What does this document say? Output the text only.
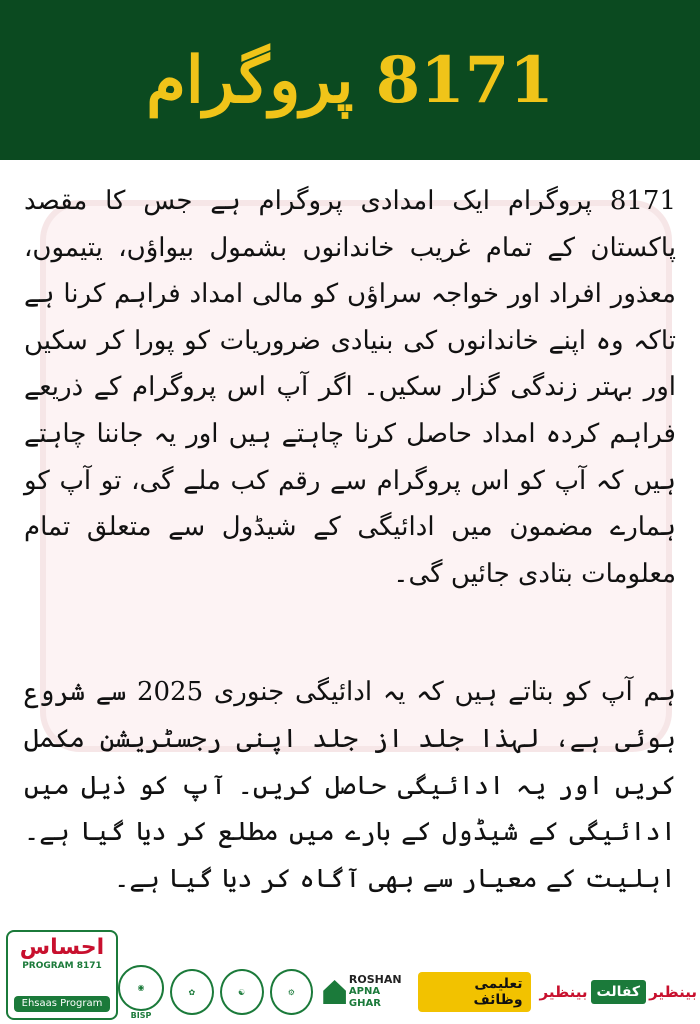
8171 پروگرام

8171 پروگرام ایک امدادی پروگرام ہے جس کا مقصد پاکستان کے تمام غریب خاندانوں بشمول بیواؤں، یتیموں، معذور افراد اور خواجہ سراؤں کو مالی امداد فراہم کرنا ہے تاکہ وہ اپنے خاندانوں کی بنیادی ضروریات کو پورا کر سکیں اور بہتر زندگی گزار سکیں۔ اگر آپ اس پروگرام کے ذریعے فراہم کردہ امداد حاصل کرنا چاہتے ہیں اور یہ جاننا چاہتے ہیں کہ آپ کو اس پروگرام سے رقم کب ملے گی، تو آپ کو ہمارے مضمون میں ادائیگی کے شیڈول سے متعلق تمام معلومات بتادی جائیں گی۔

ہم آپ کو بتاتے ہیں کہ یہ ادائیگی جنوری 2025 سے شروع ہوئی ہے، لہذا جلد از جلد اپنی رجسٹریشن مکمل کریں اور یہ ادائیگی حاصل کریں۔ آپ کو ذیل میں ادائیگی کے شیڈول کے بارے میں مطلع کر دیا گیا ہے۔ اہلیت کے معیار سے بھی آگاہ کر دیا گیا ہے۔

احساس
PROGRAM 8171
Ehsaas Program
◉
BISP
✿	☯	⚙
ROSHAN
APNA GHAR
تعلیمی وظائف	بینظیر
کفالت
بینظیر
